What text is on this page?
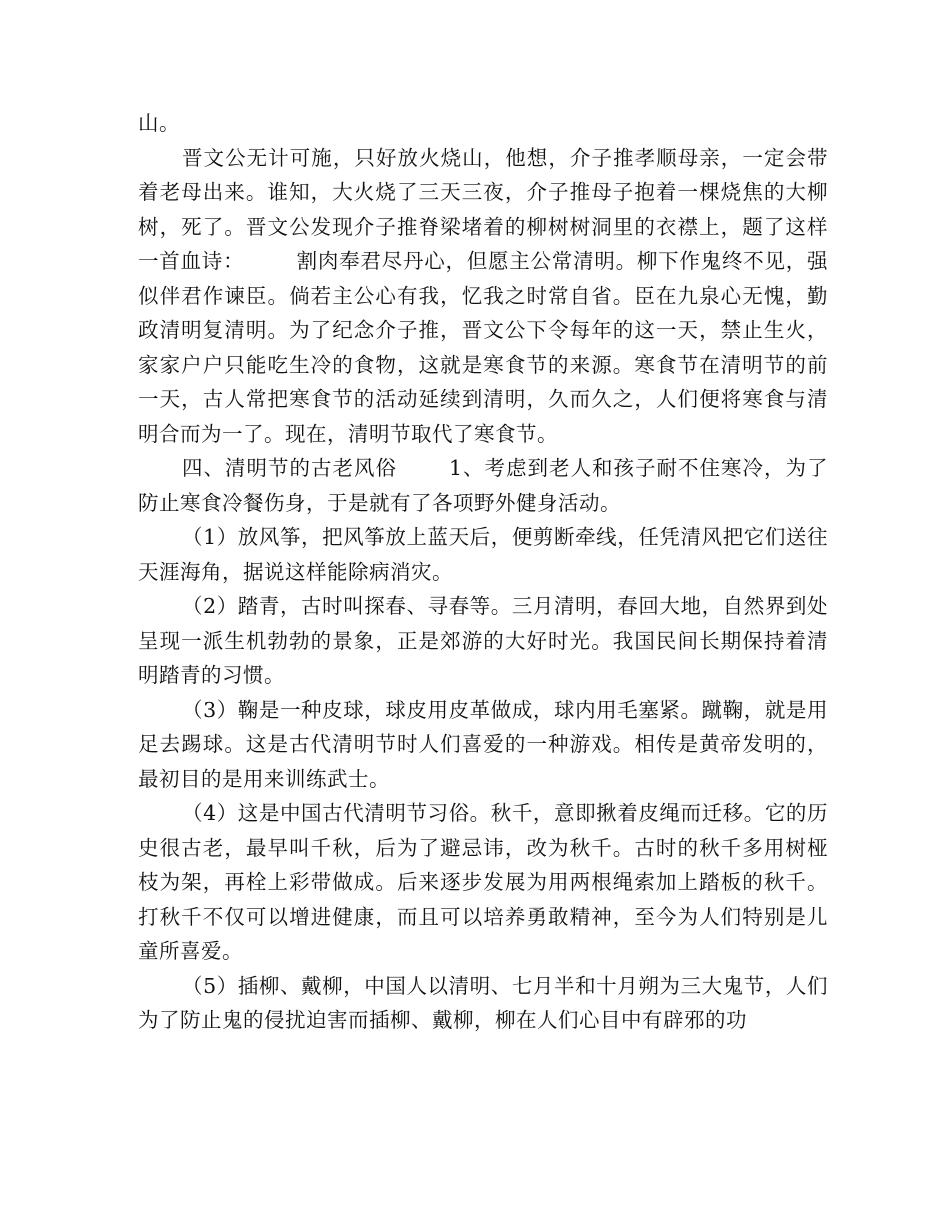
山。

晋文公无计可施，只好放火烧山，他想，介子推孝顺母亲，一定会带着老母出来。谁知，大火烧了三天三夜，介子推母子抱着一棵烧焦的大柳树，死了。晋文公发现介子推脊梁堵着的柳树树洞里的衣襟上，题了这样一首血诗：	割肉奉君尽丹心，但愿主公常清明。柳下作鬼终不见，强似伴君作谏臣。倘若主公心有我，忆我之时常自省。臣在九泉心无愧，勤政清明复清明。为了纪念介子推，晋文公下令每年的这一天，禁止生火，家家户户只能吃生冷的食物，这就是寒食节的来源。寒食节在清明节的前一天，古人常把寒食节的活动延续到清明，久而久之，人们便将寒食与清明合而为一了。现在，清明节取代了寒食节。

四、清明节的古老风俗	1、考虑到老人和孩子耐不住寒冷，为了防止寒食冷餐伤身，于是就有了各项野外健身活动。

（1）放风筝，把风筝放上蓝天后，便剪断牵线，任凭清风把它们送往天涯海角，据说这样能除病消灾。

（2）踏青，古时叫探春、寻春等。三月清明，春回大地，自然界到处呈现一派生机勃勃的景象，正是郊游的大好时光。我国民间长期保持着清明踏青的习惯。

（3）鞠是一种皮球，球皮用皮革做成，球内用毛塞紧。蹴鞠，就是用足去踢球。这是古代清明节时人们喜爱的一种游戏。相传是黄帝发明的，最初目的是用来训练武士。

（4）这是中国古代清明节习俗。秋千，意即揪着皮绳而迁移。它的历史很古老，最早叫千秋，后为了避忌讳，改为秋千。古时的秋千多用树桠枝为架，再栓上彩带做成。后来逐步发展为用两根绳索加上踏板的秋千。打秋千不仅可以增进健康，而且可以培养勇敢精神，至今为人们特别是儿童所喜爱。

（5）插柳、戴柳，中国人以清明、七月半和十月朔为三大鬼节，人们为了防止鬼的侵扰迫害而插柳、戴柳，柳在人们心目中有辟邪的功
